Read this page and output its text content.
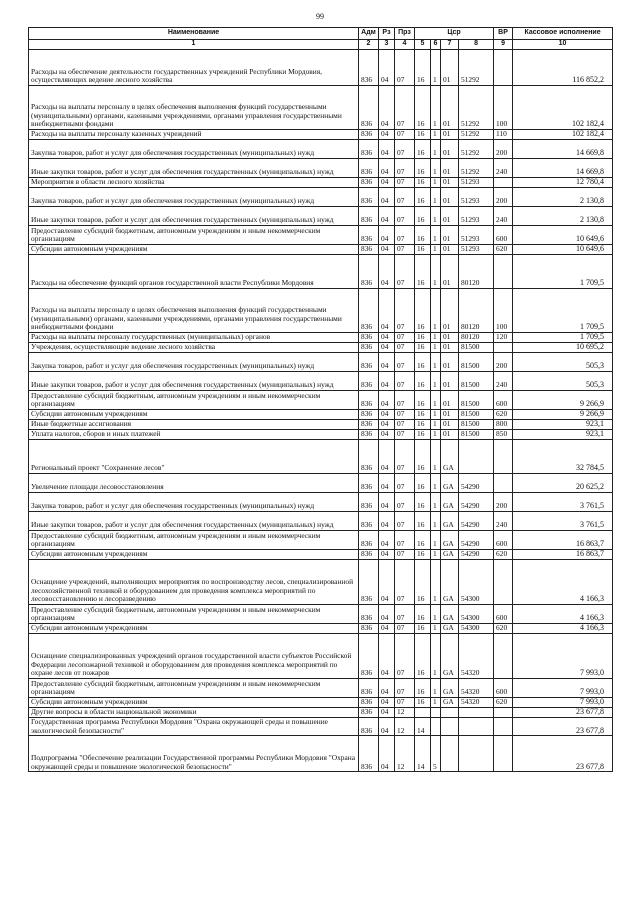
99
Наименование	Адм	Рз	Прз	Цср				ВР	Кассовое исполнение
1	2	3	4	5	6	7	8	9	10
Расходы на обеспечение деятельности государственных учреждений Республики Мордовия, осуществляющих ведение лесного хозяйства	836	04	07	16	1	01	51292		116 852,2
Расходы на выплаты персоналу в целях обеспечения выполнения функций государственными (муниципальными) органами, казенными учреждениями, органами управления государственными внебюджетными фондами	836	04	07	16	1	01	51292	100	102 182,4
Расходы на выплаты персоналу казенных учреждений	836	04	07	16	1	01	51292	110	102 182,4
Закупка товаров, работ и услуг для обеспечения государственных (муниципальных) нужд	836	04	07	16	1	01	51292	200	14 669,8
Иные закупки товаров, работ и услуг для обеспечения государственных (муниципальных) нужд	836	04	07	16	1	01	51292	240	14 669,8
Мероприятия в области лесного хозяйства	836	04	07	16	1	01	51293		12 780,4
Закупка товаров, работ и услуг для обеспечения государственных (муниципальных) нужд	836	04	07	16	1	01	51293	200	2 130,8
Иные закупки товаров, работ и услуг для обеспечения государственных (муниципальных) нужд	836	04	07	16	1	01	51293	240	2 130,8
Предоставление субсидий бюджетным, автономным учреждениям и иным некоммерческим организациям	836	04	07	16	1	01	51293	600	10 649,6
Субсидии автономным учреждениям	836	04	07	16	1	01	51293	620	10 649,6
Расходы на обеспечение функций органов государственной власти Республики Мордовия	836	04	07	16	1	01	80120		1 709,5
Расходы на выплаты персоналу в целях обеспечения выполнения функций государственными (муниципальными) органами, казенными учреждениями, органами управления государственными внебюджетными фондами	836	04	07	16	1	01	80120	100	1 709,5
Расходы на выплаты персоналу государственных (муниципальных) органов	836	04	07	16	1	01	80120	120	1 709,5
Учреждения, осуществляющие ведение лесного хозяйства	836	04	07	16	1	01	81500		10 695,2
Закупка товаров, работ и услуг для обеспечения государственных (муниципальных) нужд	836	04	07	16	1	01	81500	200	505,3
Иные закупки товаров, работ и услуг для обеспечения государственных (муниципальных) нужд	836	04	07	16	1	01	81500	240	505,3
Предоставление субсидий бюджетным, автономным учреждениям и иным некоммерческим организациям	836	04	07	16	1	01	81500	600	9 266,9
Субсидии автономным учреждениям	836	04	07	16	1	01	81500	620	9 266,9
Иные бюджетные ассигнования	836	04	07	16	1	01	81500	800	923,1
Уплата налогов, сборов и иных платежей	836	04	07	16	1	01	81500	850	923,1
Региональный проект "Сохранение лесов"	836	04	07	16	1	GA			32 784,5
Увеличение площади лесовосстановления	836	04	07	16	1	GA	54290		20 625,2
Закупка товаров, работ и услуг для обеспечения государственных (муниципальных) нужд	836	04	07	16	1	GA	54290	200	3 761,5
Иные закупки товаров, работ и услуг для обеспечения государственных (муниципальных) нужд	836	04	07	16	1	GA	54290	240	3 761,5
Предоставление субсидий бюджетным, автономным учреждениям и иным некоммерческим организациям	836	04	07	16	1	GA	54290	600	16 863,7
Субсидии автономным учреждениям	836	04	07	16	1	GA	54290	620	16 863,7
Оснащение учреждений, выполняющих мероприятия по воспроизводству лесов, специализированной лесохозяйственной техникой и оборудованием для проведения комплекса мероприятий по лесовосстановлению и лесоразведению	836	04	07	16	1	GA	54300		4 166,3
Предоставление субсидий бюджетным, автономным учреждениям и иным некоммерческим организациям	836	04	07	16	1	GA	54300	600	4 166,3
Субсидии автономным учреждениям	836	04	07	16	1	GA	54300	620	4 166,3
Оснащение специализированных учреждений органов государственной власти субъектов Российской Федерации лесопожарной техникой и оборудованием для проведения комплекса мероприятий по охране лесов от пожаров	836	04	07	16	1	GA	54320		7 993,0
Предоставление субсидий бюджетным, автономным учреждениям и иным некоммерческим организациям	836	04	07	16	1	GA	54320	600	7 993,0
Субсидии автономным учреждениям	836	04	07	16	1	GA	54320	620	7 993,0
Другие вопросы в области национальной экономики	836	04	12						23 677,8
Государственная программа Республики Мордовия "Охрана окружающей среды и повышение экологической безопасности"	836	04	12	14					23 677,8
Подпрограмма "Обеспечение реализации Государственной программы Республики Мордовия "Охрана окружающей среды и повышение экологической безопасности"	836	04	12	14	5				23 677,8
